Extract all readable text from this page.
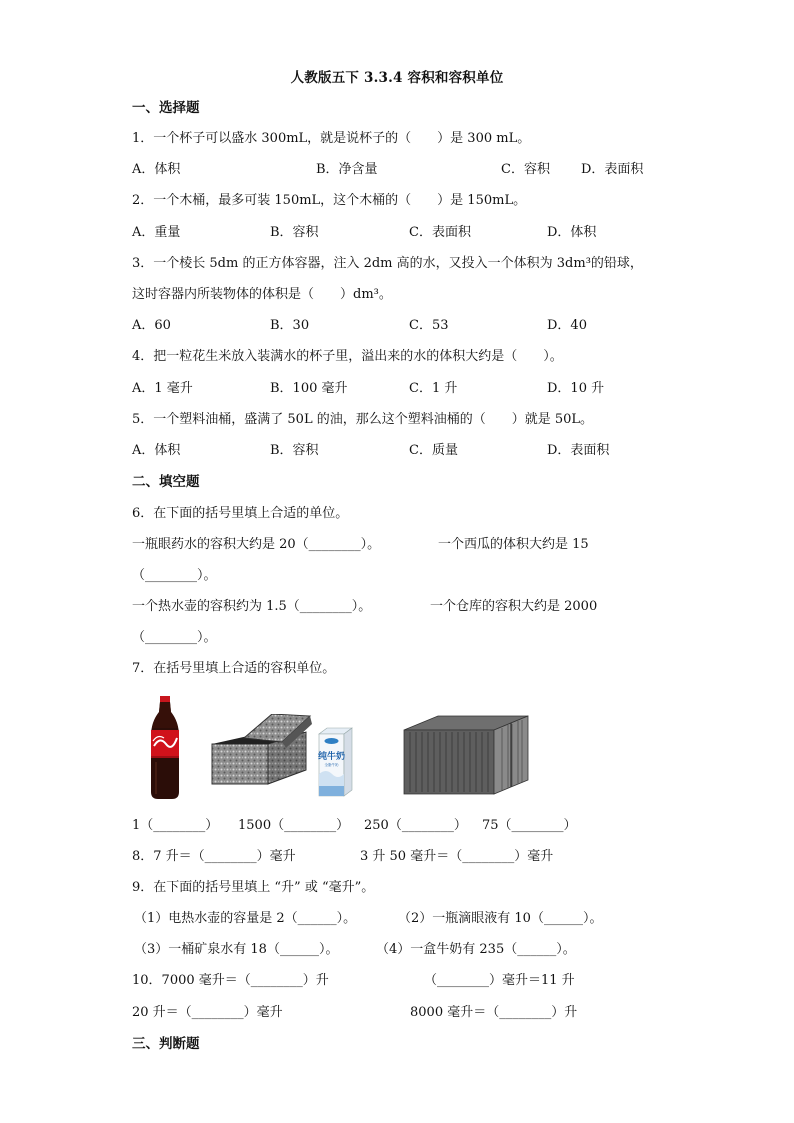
人教版五下 3.3.4 容积和容积单位
一、选择题
1．一个杯子可以盛水 300mL，就是说杯子的（　　）是 300 mL。
A．体积	B．净含量	C．容积 D．表面积
2．一个木桶，最多可装 150mL，这个木桶的（　　）是 150mL。
A．重量	B．容积	C．表面积	D．体积
3．一个棱长 5dm 的正方体容器，注入 2dm 高的水，又投入一个体积为 3dm³的铅球，
这时容器内所装物体的体积是（　　）dm³。
A．60	B．30	C．53	D．40
4．把一粒花生米放入装满水的杯子里，溢出来的水的体积大约是（　　）。
A．1 毫升	B．100 毫升	C．1 升	D．10 升
5．一个塑料油桶，盛满了 50L 的油，那么这个塑料油桶的（　　）就是 50L。
A．体积	B．容积	C．质量	D．表面积
二、填空题
6．在下面的括号里填上合适的单位。
一瓶眼药水的容积大约是 20（________）。	一个西瓜的体积大约是 15
（________）。
一个热水壶的容积约为 1.5（________）。	一个仓库的容积大约是 2000
（________）。
7．在括号里填上合适的容积单位。
纯牛奶
全脂牛奶
1（________） 1500（________） 250（________） 75（________）
8．7 升＝（________）毫升	3 升 50 毫升＝（________）毫升
9．在下面的括号里填上 “升” 或 “毫升”。
（1）电热水壶的容量是 2（______）。	（2）一瓶滴眼液有 10（______）。
（3）一桶矿泉水有 18（______）。	（4）一盒牛奶有 235（______）。
10．7000 毫升＝（________）升	（________）毫升＝11 升
20 升＝（________）毫升	8000 毫升＝（________）升
三、判断题
